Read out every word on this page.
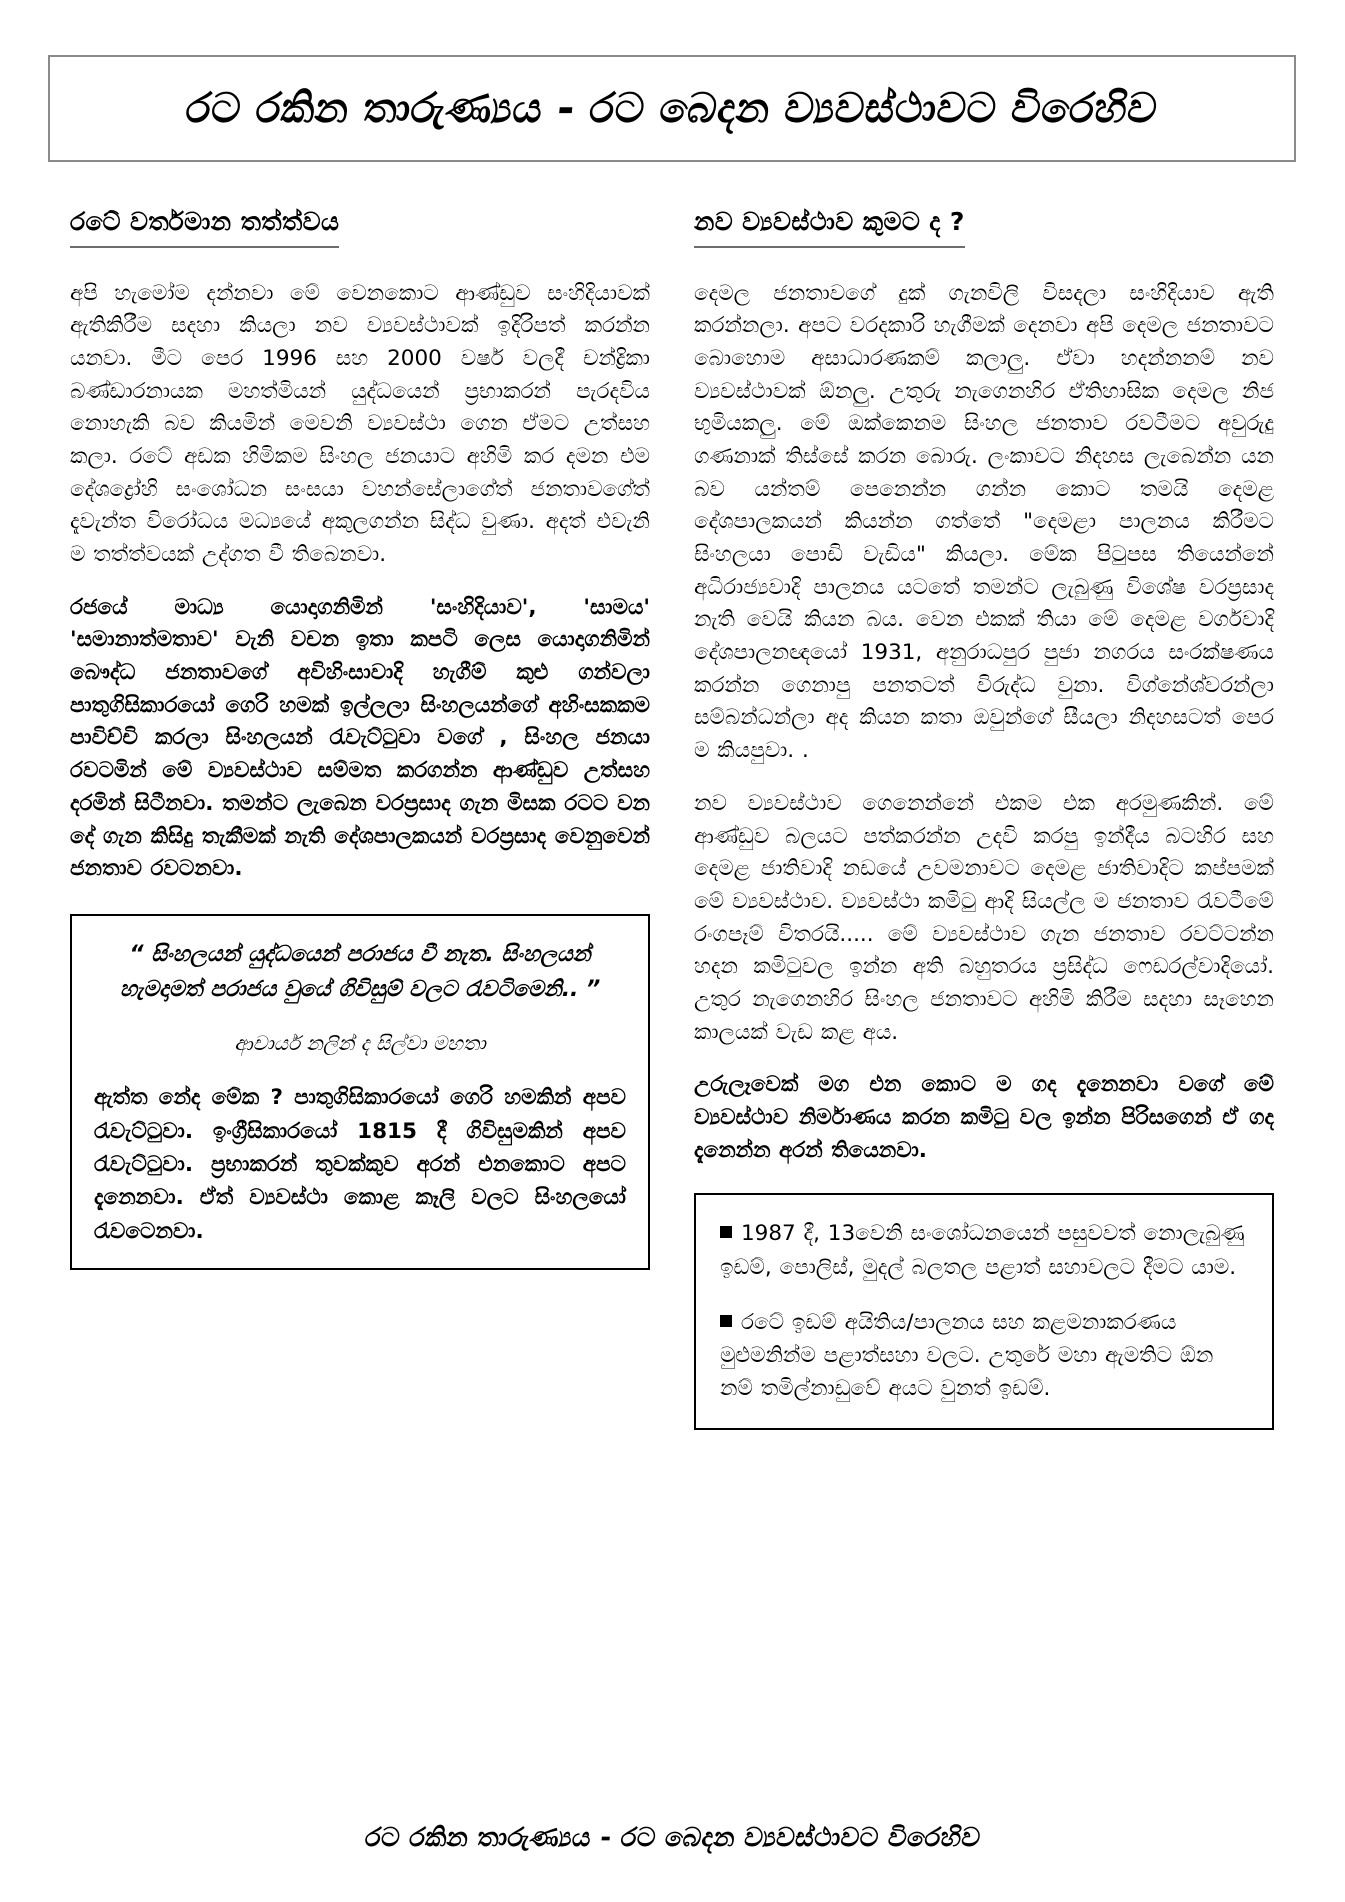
රට රකින තාරුණ්‍යය - රට බෙදන ව්‍යවස්ථාවට විරෙහිව
රටේ වර්තමාන තත්ත්වය

අපි හැමෝම දන්නවා මේ වෙනකොට ආණ්ඩුව සංහිදියාවක් ඇතිකිරීම සදහා කියලා නව ව්‍යවස්ථාවක් ඉදිරිපත් කරන්න යනවා. මීට පෙර 1996 සහ 2000 වර්ෂ වලදී චන්ද්‍රිකා බණ්ඩාරනායක මහත්මියන් යුද්ධයෙන් ප්‍රභාකරන් පැරදවිය නොහැකි බව කියමින් මෙවනි ව්‍යවස්ථා ගෙන ඒමට උත්සහ කලා. රටේ අඩක හිමිකම සිංහල ජනයාට අහිමි කර දමන එම දේශද්‍රෝහි සංශෝධන සංසයා වහන්සේලාගේත් ජනතාවගේත් දැවැන්ත විරෝධය මධ්‍යයේ අකුලගන්න සිද්ධ වුණා. අදත් එවැනි ම තත්ත්වයක් උද්ගත වී තිබෙනවා.

රජයේ මාධ්‍ය යොදාගනිමින් 'සංහිදියාව', 'සාමය' 'සමානාත්මතාව' වැනි වචන ඉතා කපටි ලෙස යොදාගනිමින් බෞද්ධ ජනතාවගේ අවිහිංසාවාදි හැගීම් කුළු ගන්වලා පාතුගිසිකාරයෝ ගෙරි හමක් ඉල්ලලා සිංහලයන්ගේ අහිංසකකම පාවිච්චි කරලා සිංහලයන් රැවැට්ටුවා වගේ , සිංහල ජනයා රවටමින් මේ ව්‍යවස්ථාව සම්මත කරගන්න ආණ්ඩුව උත්සහ දරමින් සිටීනවා. තමන්ට ලැබෙන වරප්‍රසාද ගැන මිසක රටට වන දේ ගැන කිසිදු තැකීමක් නැති දේශපාලකයන් වරප්‍රසාද වෙනුවෙන් ජනතාව රවටනවා.

“ සිංහලයන් යුද්ධයෙන් පරාජය වී නැත. සිංහලයන් හැමදාමත් පරාජය වුයේ ගිවිසුම් වලට රැවටිමෙනි.. ”

ආචාර්ය නලින් ද සිල්වා මහතා

ඇත්ත නේද මේක ? පාතුගිසිකාරයෝ ගෙරි හමකින් අපව රැවැට්ටුවා. ඉංග්‍රීසිකාරයෝ 1815 දී ගිවිසුමකින් අපව රැවැට්ටුවා. ප්‍රභාකරන් තුවක්කුව අරන් එනකොට අපට දැනෙනවා. ඒත් ව්‍යවස්ථා කොළ කෑලි වලට සිංහලයෝ රැවටෙනවා.

නව ව්‍යවස්ථාව කුමට ද ?

දෙමල ජනතාවගේ දුක් ගැනවිලි විසදලා සංහිදියාව ඇති කරන්නලා. අපට වරදකාරි හැගීමක් දෙනවා අපි දෙමල ජනතාවට බොහොම අසාධාරණකම් කලාලු. ඒවා හදන්නනම් නව ව්‍යවස්ථාවක් ඕනලු. උතුරු නැගෙනහිර ඒතිහාසික දෙමල නිජ භුමියකලු. මේ ඔක්කෙනම සිංහල ජනතාව රවටීමට අවුරුදු ගණනාක් තිස්සේ කරන බොරු. ලංකාවට නිදහස ලැබෙන්න යන බව යන්තම් පෙනෙන්න ගන්න කොට තමයි දෙමළ දේශපාලකයන් කියන්න ගත්තේ "දෙමළා පාලනය කිරීමට සිංහලයා පොඩි වැඩිය" කියලා. මේක පිටුපස තියෙන්නේ අධිරාජ්‍යවාදි පාලනය යටතේ තමන්ට ලැබුණු විශේෂ වරප්‍රසාද නැති වෙයි කියන බය. වෙන එකක් තියා මේ දෙමළ වර්ගවාදි දේශපාලනඥයෝ 1931, අනුරාධපුර පුජා නගරය සංරක්ෂණය කරන්න ගෙනාපු පනතටත් විරුද්ධ වුනා. විග්නේශ්වරන්ලා සම්බන්ධන්ලා අද කියන කතා ඔවුන්ගේ සීයලා නිදහසටත් පෙර ම කියපුවා. .

නව ව්‍යවස්ථාව ගෙනෙන්නේ එකම එක අරමුණකින්. මේ ආණ්ඩුව බලයට පත්කරන්න උදවි කරපු ඉන්දීය බටහිර සහ දෙමළ ජාතිවාදි නඩයේ උවමනාවට දෙමළ ජාතිවාදිට කප්පමක් මේ ව්‍යවස්ථාව. ව්‍යවස්ථා කමිටු ආදි සියල්ල ම ජනතාව රැවටීමේ රංගපෑම් විතරයි..... මේ ව්‍යවස්ථාව ගැන ජනතාව රවට්ටන්න හදන කමිටුවල ඉන්න අති බහුතරය ප්‍රසිද්ධ ෆෙඩරල්වාදියෝ. උතුර නැගෙනහිර සිංහල ජනතාවට අහිමි කිරීම සදහා සෑහෙන කාලයක් වැඩ කළ අය.

උරුලෑවෙක් මග එන කොට ම ගද දැනෙනවා වගේ මේ ව්‍යවස්ථාව නිර්මාණය කරන කමිටු වල ඉන්න පිරිසගෙන් ඒ ගද දැනෙන්න අරන් තියෙනවා.

1987 දී, 13වෙනි සංශෝධනයෙන් පසුවවත් නොලැබුණු ඉඩම්, පොලිස්, මුදල් බලතල පළාත් සහාවලට දීමට යාම.

රටේ ඉඩම් අයිතිය/පාලනය සහ කළමනාකරණය මුළුමනින්ම පළාත්සහා වලට. උතුරේ මහා ඇමතිට ඕන නම් තමිල්නාඩුවේ අයට වුනත් ඉඩම්.

රට රකින තාරුණ්‍යය - රට බෙදන ව්‍යවස්ථාවට විරෙහිව
